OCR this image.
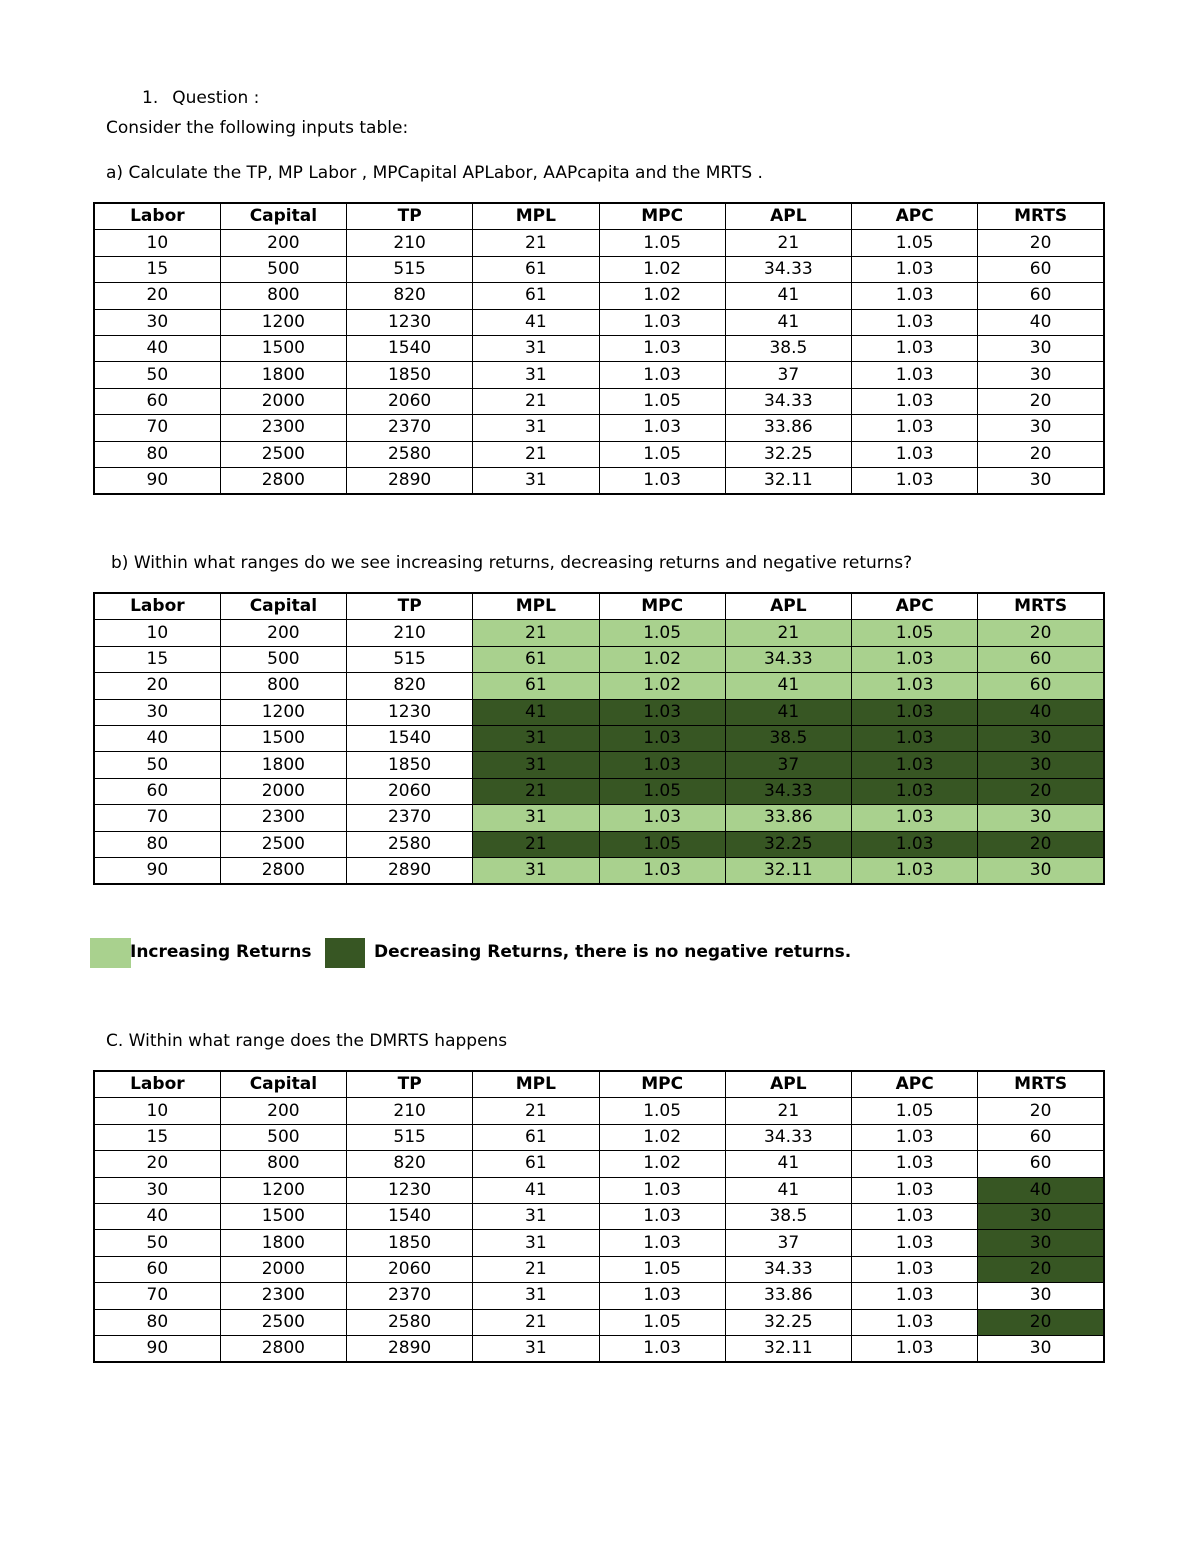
1. Question :
Consider the following inputs table:
a) Calculate the TP, MP Labor , MPCapital APLabor, AAPcapita and the MRTS .
Labor	Capital	TP	MPL	MPC	APL	APC	MRTS
10	200	210	21	1.05	21	1.05	20
15	500	515	61	1.02	34.33	1.03	60
20	800	820	61	1.02	41	1.03	60
30	1200	1230	41	1.03	41	1.03	40
40	1500	1540	31	1.03	38.5	1.03	30
50	1800	1850	31	1.03	37	1.03	30
60	2000	2060	21	1.05	34.33	1.03	20
70	2300	2370	31	1.03	33.86	1.03	30
80	2500	2580	21	1.05	32.25	1.03	20
90	2800	2890	31	1.03	32.11	1.03	30
b) Within what ranges do we see increasing returns, decreasing returns and negative returns?
Labor	Capital	TP	MPL	MPC	APL	APC	MRTS
10	200	210	21	1.05	21	1.05	20
15	500	515	61	1.02	34.33	1.03	60
20	800	820	61	1.02	41	1.03	60
30	1200	1230	41	1.03	41	1.03	40
40	1500	1540	31	1.03	38.5	1.03	30
50	1800	1850	31	1.03	37	1.03	30
60	2000	2060	21	1.05	34.33	1.03	20
70	2300	2370	31	1.03	33.86	1.03	30
80	2500	2580	21	1.05	32.25	1.03	20
90	2800	2890	31	1.03	32.11	1.03	30
Increasing Returns	Decreasing Returns, there is no negative returns.
C. Within what range does the DMRTS happens
Labor	Capital	TP	MPL	MPC	APL	APC	MRTS
10	200	210	21	1.05	21	1.05	20
15	500	515	61	1.02	34.33	1.03	60
20	800	820	61	1.02	41	1.03	60
30	1200	1230	41	1.03	41	1.03	40
40	1500	1540	31	1.03	38.5	1.03	30
50	1800	1850	31	1.03	37	1.03	30
60	2000	2060	21	1.05	34.33	1.03	20
70	2300	2370	31	1.03	33.86	1.03	30
80	2500	2580	21	1.05	32.25	1.03	20
90	2800	2890	31	1.03	32.11	1.03	30
